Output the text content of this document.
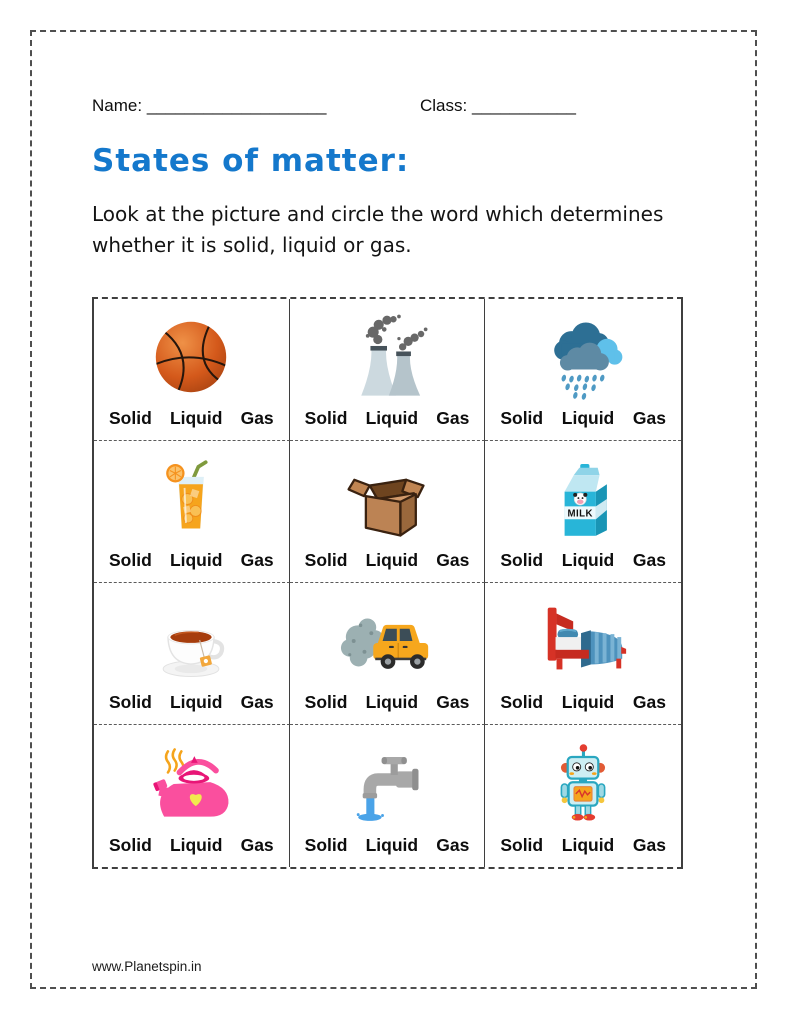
Name: ___________________	Class: ___________
States of matter:
Look at the picture and circle the word which determines whether it is solid, liquid or gas.
Solid Liquid Gas Solid Liquid Gas Solid Liquid Gas
Solid Liquid Gas Solid Liquid Gas
MILK
Solid Liquid Gas
Solid Liquid Gas Solid Liquid Gas Solid Liquid Gas
Solid Liquid Gas Solid Liquid Gas Solid Liquid Gas
www.Planetspin.in
